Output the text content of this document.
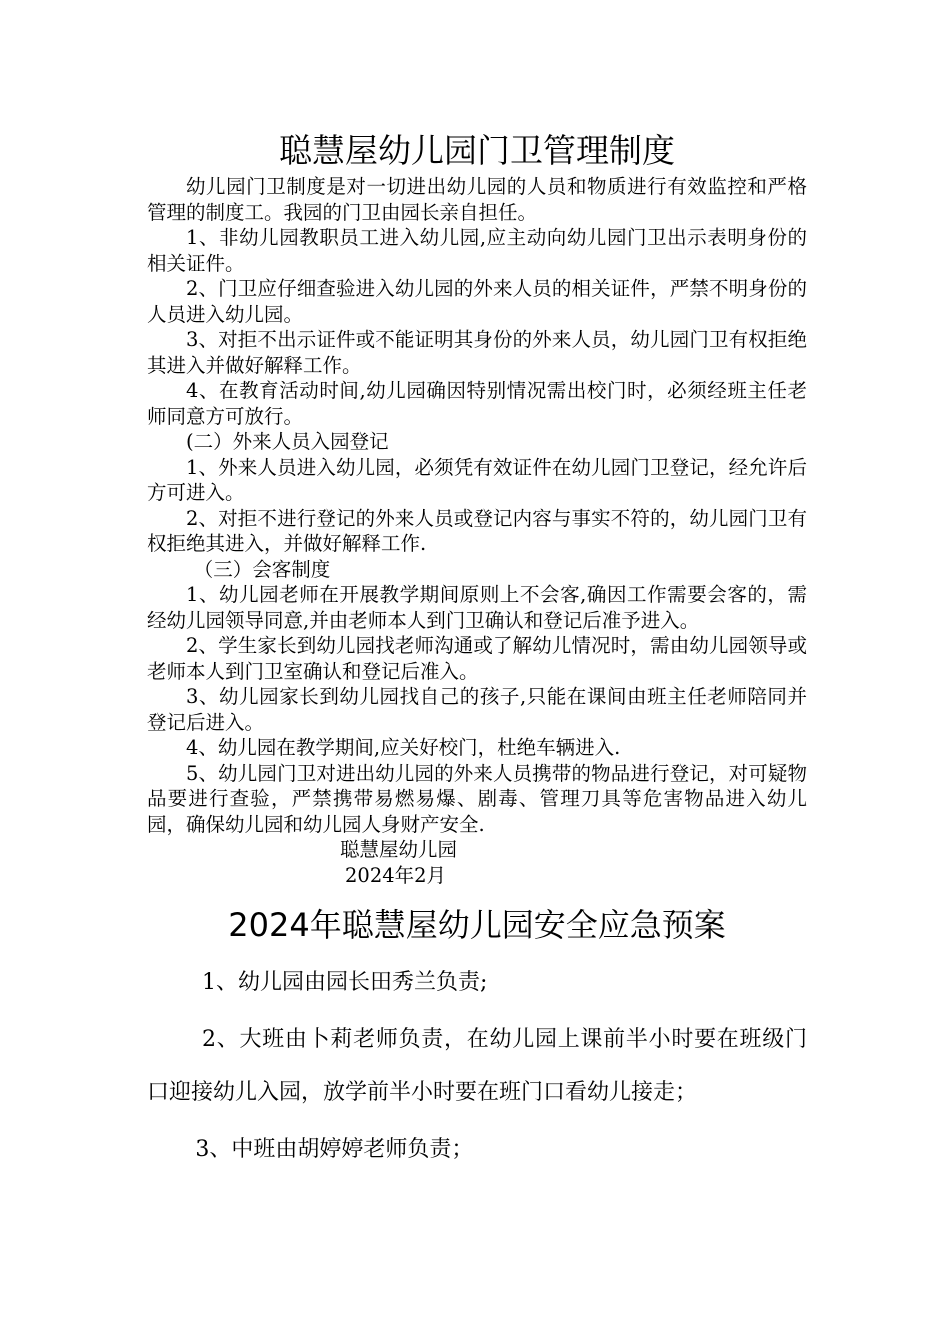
聪慧屋幼儿园门卫管理制度

幼儿园门卫制度是对一切进出幼儿园的人员和物质进行有效监控和严格管理的制度工。我园的门卫由园长亲自担任。

1、非幼儿园教职员工进入幼儿园,应主动向幼儿园门卫出示表明身份的相关证件。

2、门卫应仔细查验进入幼儿园的外来人员的相关证件，严禁不明身份的人员进入幼儿园。

3、对拒不出示证件或不能证明其身份的外来人员，幼儿园门卫有权拒绝其进入并做好解释工作。

4、在教育活动时间,幼儿园确因特别情况需出校门时，必须经班主任老师同意方可放行。

(二）外来人员入园登记

1、外来人员进入幼儿园，必须凭有效证件在幼儿园门卫登记，经允许后方可进入。

2、对拒不进行登记的外来人员或登记内容与事实不符的，幼儿园门卫有权拒绝其进入，并做好解释工作.

（三）会客制度

1、幼儿园老师在开展教学期间原则上不会客,确因工作需要会客的，需经幼儿园领导同意,并由老师本人到门卫确认和登记后准予进入。

2、学生家长到幼儿园找老师沟通或了解幼儿情况时，需由幼儿园领导或老师本人到门卫室确认和登记后准入。

3、幼儿园家长到幼儿园找自己的孩子,只能在课间由班主任老师陪同并登记后进入。

4、幼儿园在教学期间,应关好校门，杜绝车辆进入.

5、幼儿园门卫对进出幼儿园的外来人员携带的物品进行登记，对可疑物品要进行查验，严禁携带易燃易爆、剧毒、管理刀具等危害物品进入幼儿园，确保幼儿园和幼儿园人身财产安全.

聪慧屋幼儿园

2024年2月

2024年聪慧屋幼儿园安全应急预案

1、幼儿园由园长田秀兰负责;

2、大班由卜莉老师负责，在幼儿园上课前半小时要在班级门口迎接幼儿入园，放学前半小时要在班门口看幼儿接走；

3、中班由胡婷婷老师负责；
